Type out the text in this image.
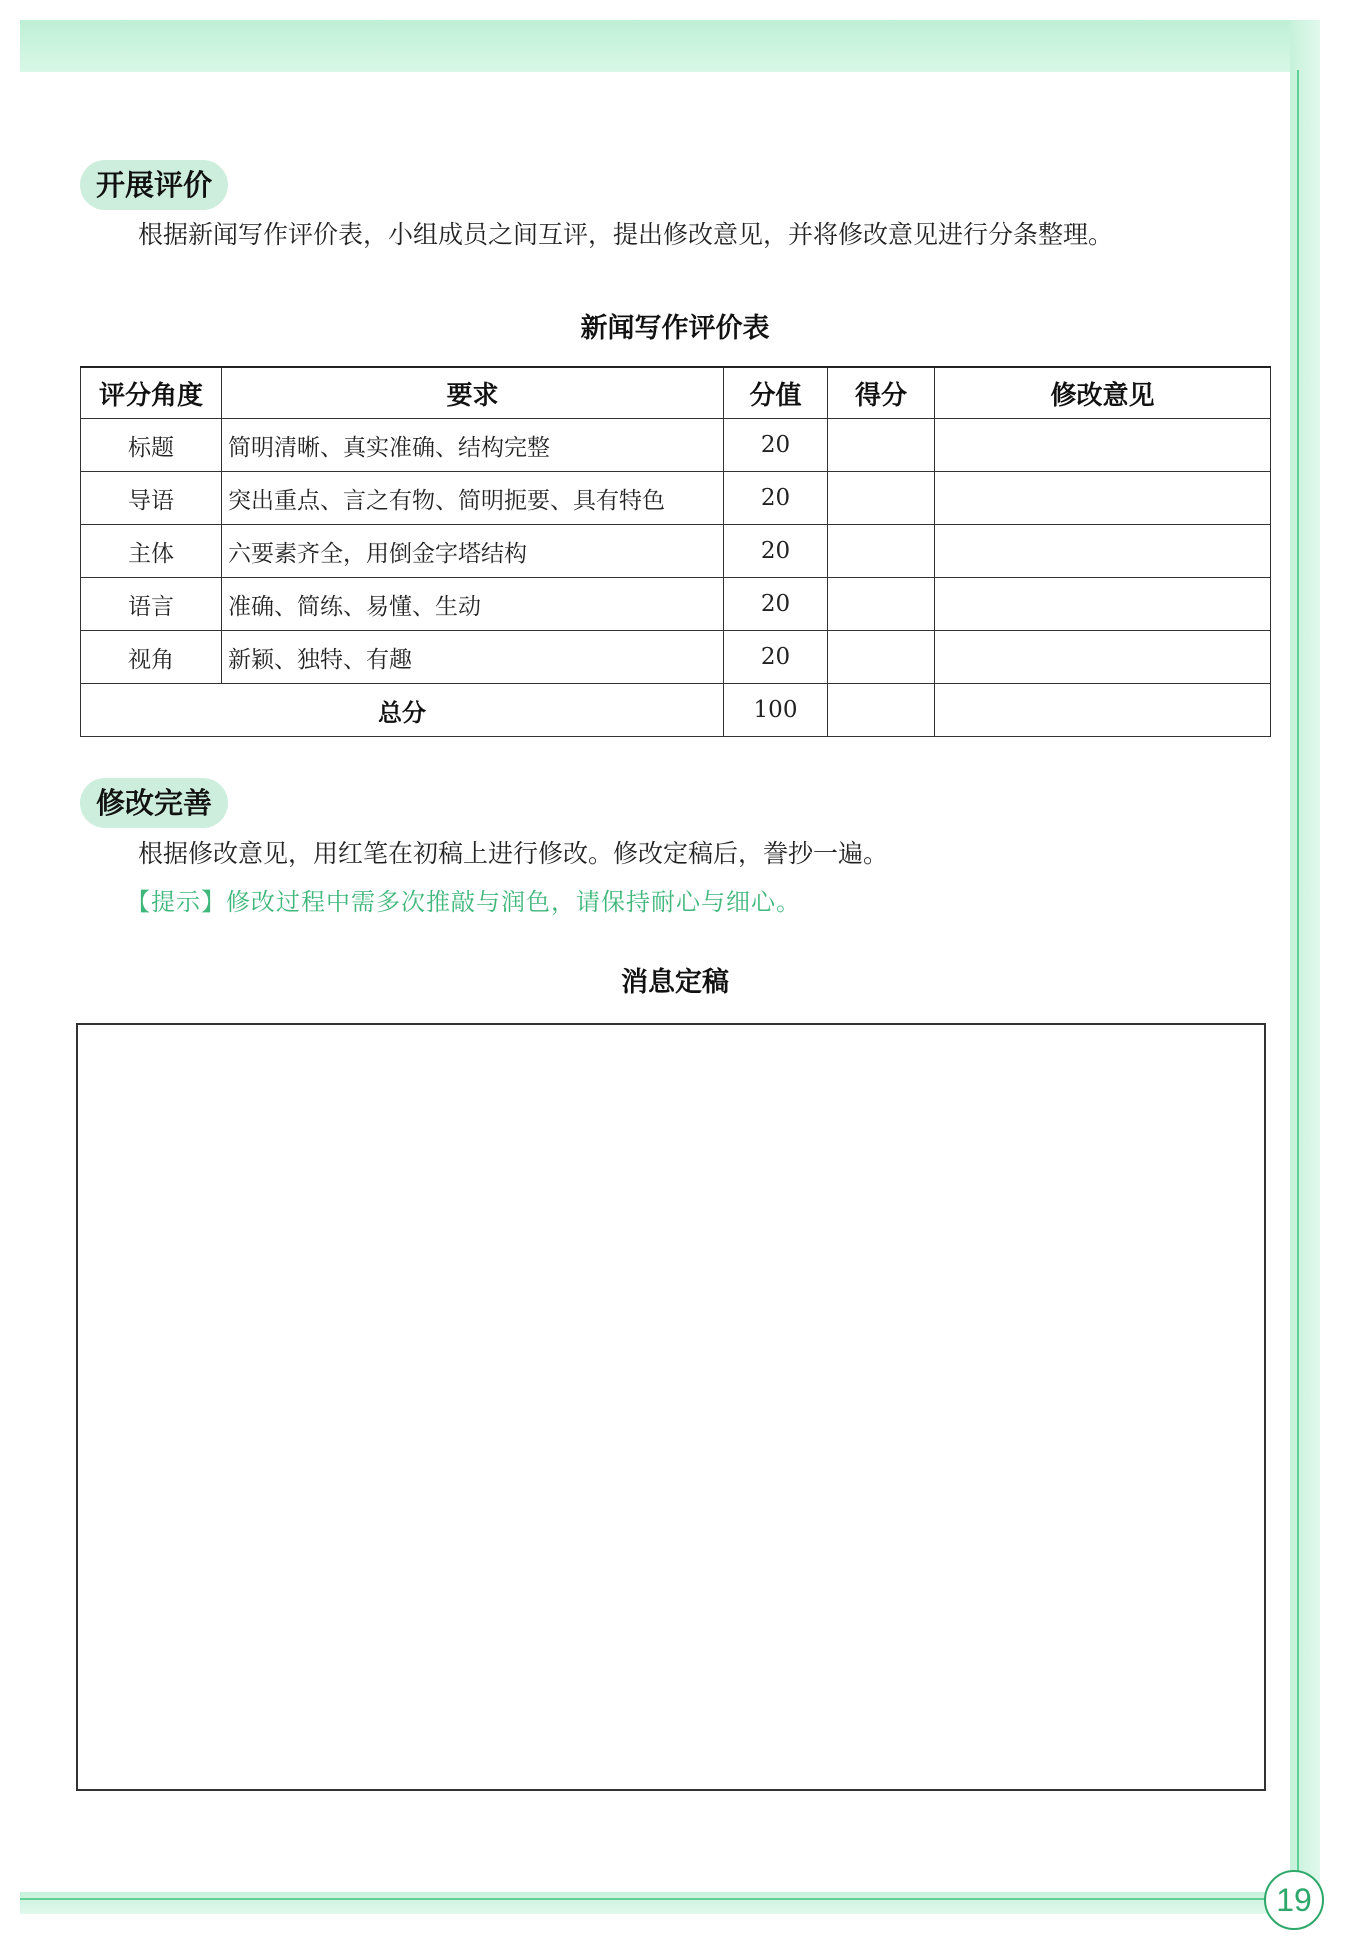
19
开展评价
根据新闻写作评价表，小组成员之间互评，提出修改意见，并将修改意见进行分条整理。
新闻写作评价表
评分角度	要求	分值	得分	修改意见
标题	简明清晰、真实准确、结构完整	20		
导语	突出重点、言之有物、简明扼要、具有特色	20		
主体	六要素齐全，用倒金字塔结构	20		
语言	准确、简练、易懂、生动	20		
视角	新颖、独特、有趣	20		
总分		100		
修改完善
根据修改意见，用红笔在初稿上进行修改。修改定稿后，誊抄一遍。
【提示】修改过程中需多次推敲与润色，请保持耐心与细心。
消息定稿
